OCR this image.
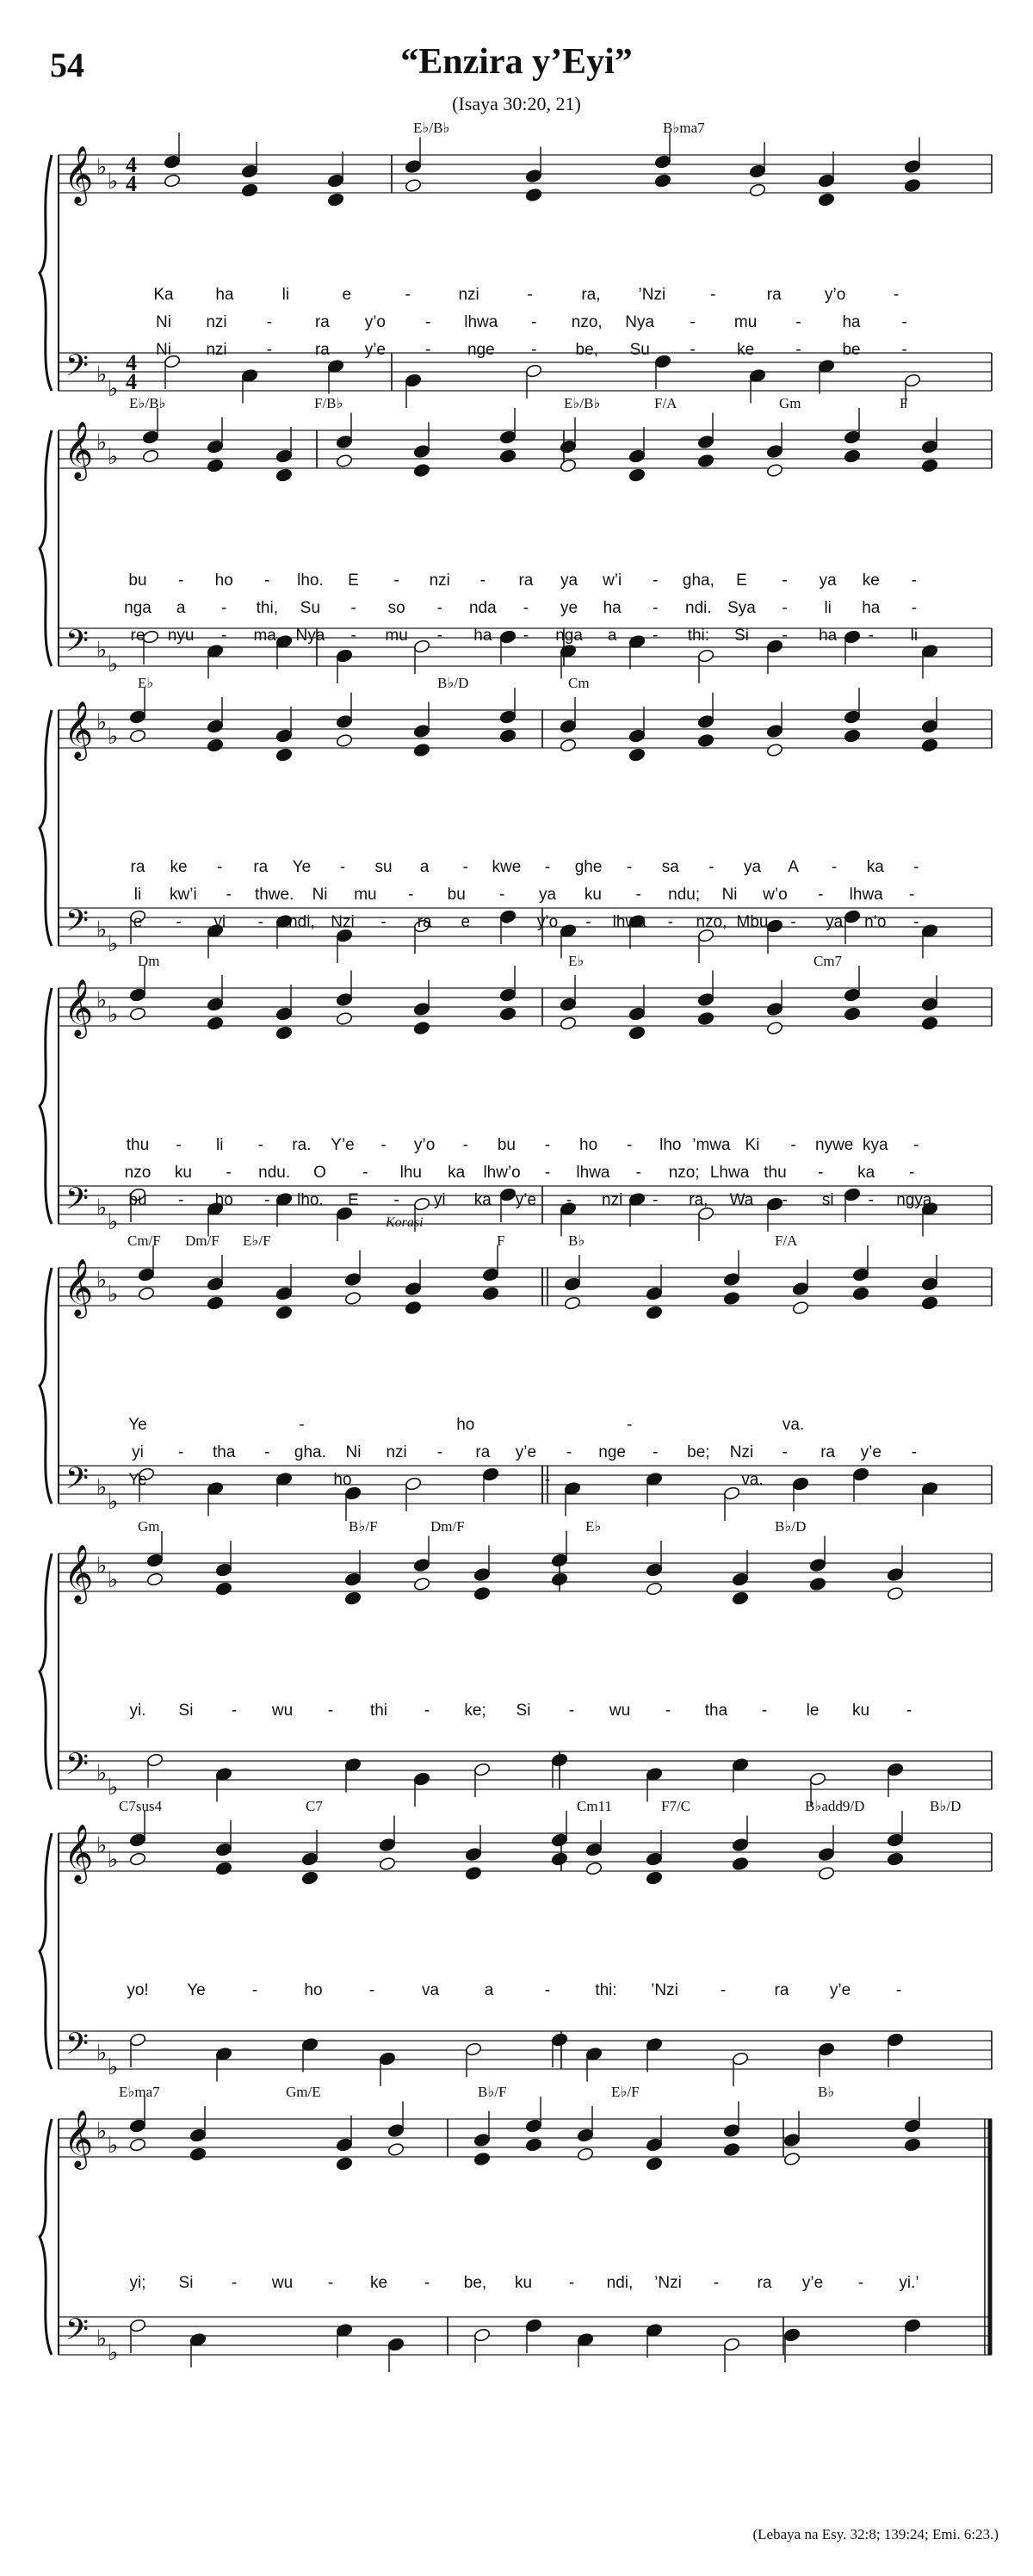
54	“Enzira y’Eyi”
(Isaya 30:20, 21)
𝄞
𝄢
♭
♭
♭
♭
4
4
4
4
E♭/B♭	B♭ma7
Ka	ha	li	e	-	nzi	-	ra, ’Nzi	-	ra	y’o	-
Ni nzi -	ra y’o - lhwa - nzo, Nya - mu -	ha	-
Ni nzi -	ra y’e - nge - be, Su -	ke	-	be	-
𝄞
𝄢
♭
♭
♭
♭
E♭/B♭	F/B♭	E♭/B♭	F/A	Gm	F
bu - ho - lho. E - nzi - ra ya w’i - gha, E - ya ke -
nga a - thi, Su - so - nda - ye ha - ndi. Sya - li ha -
re nyu - ma. Nya - mu - ha - nga a - thi: Si - ha - li
𝄞
𝄢
♭
♭
♭
♭
E♭	B♭/D	Cm
ra ke - ra Ye - su a - kwe - ghe - sa - ya A - ka -
li kw’i - thwe. Ni mu - bu - ya ku - ndu; Ni w’o - lhwa -
e - yi - ndi, Nzi - ra e - y’o - lhwa - nzo, Mbu - ya n’o -
𝄞
𝄢
♭
♭
♭
♭
Dm	E♭	Cm7
thu - li - ra. Y’e - y’o - bu - ho - lho ’mwa Ki - nywe kya -
nzo ku - ndu. O - lhu ka lhw’o - lhwa - nzo; Lhwa thu - ka -
bu - ho - lho. E - yi ka y’e - nzi - ra, Wa - si - ngya
𝄞
𝄢
♭
♭
♭
♭
Cm/F Dm/F E♭/F	F	B♭	F/A
Korasi
Ye	-	ho	-	va.
yi - tha - gha. Ni nzi - ra y’e - nge - be; Nzi - ra y’e -
Ye	ho	-	va.
𝄞
𝄢
♭
♭
♭
♭
Gm	B♭/F	Dm/F	E♭	B♭/D
yi. Si - wu - thi - ke; Si - wu - tha - le ku -
𝄞
𝄢
♭
♭
♭
♭
C7sus4	C7	Cm11	F7/C	B♭add9/D	B♭/D
yo! Ye	-	ho	-	va	a	-	thi: ’Nzi	-	ra y’e	-
𝄞
𝄢
♭
♭
♭
♭
E♭ma7	Gm/E	B♭/F	E♭/F	B♭
yi; Si - wu - ke - be, ku - ndi, ’Nzi - ra y’e - yi.’
(Lebaya na Esy. 32:8; 139:24; Emi. 6:23.)
